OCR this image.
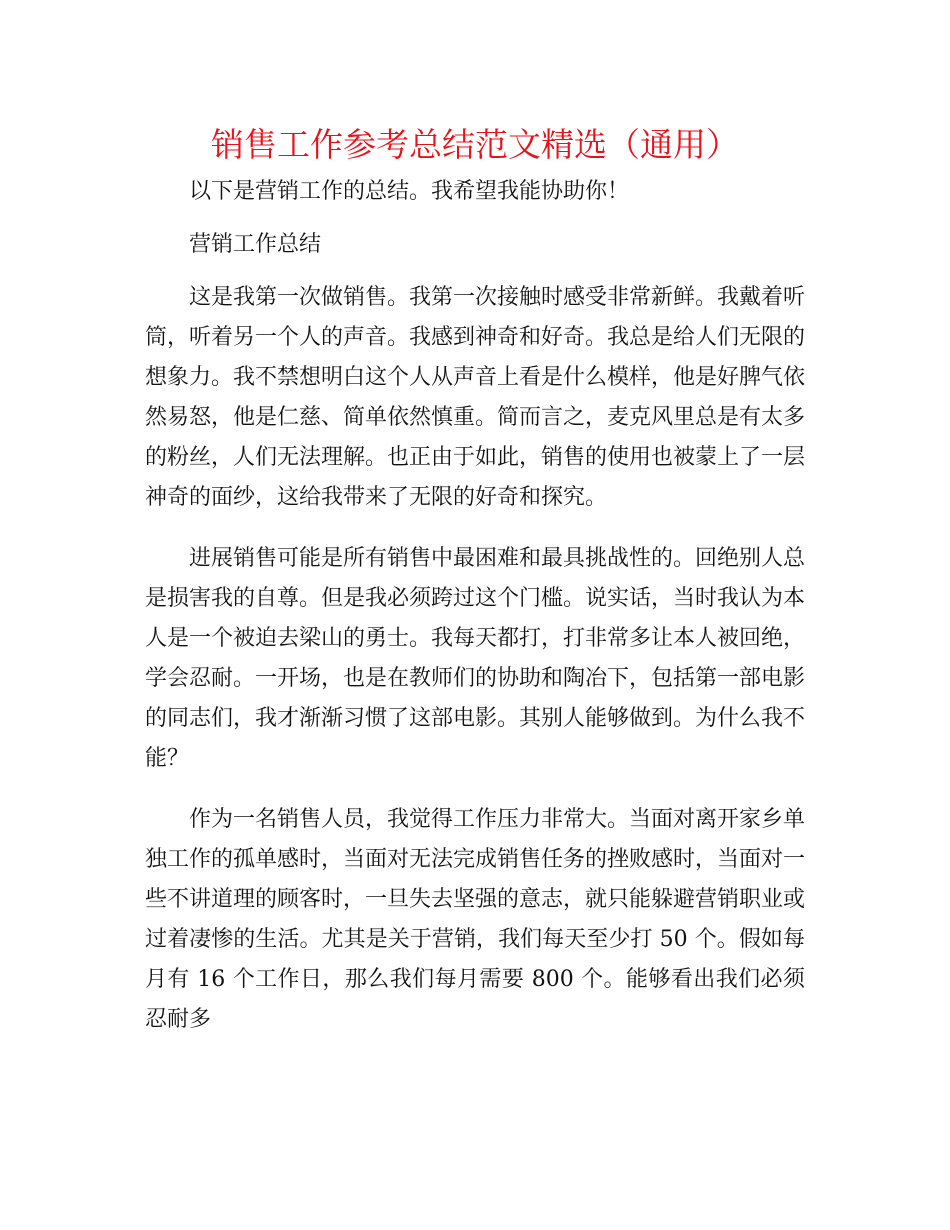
销售工作参考总结范文精选（通用）

以下是营销工作的总结。我希望我能协助你！

营销工作总结

这是我第一次做销售。我第一次接触时感受非常新鲜。我戴着听筒，听着另一个人的声音。我感到神奇和好奇。我总是给人们无限的想象力。我不禁想明白这个人从声音上看是什么模样，他是好脾气依然易怒，他是仁慈、简单依然慎重。简而言之，麦克风里总是有太多的粉丝，人们无法理解。也正由于如此，销售的使用也被蒙上了一层神奇的面纱，这给我带来了无限的好奇和探究。

进展销售可能是所有销售中最困难和最具挑战性的。回绝别人总是损害我的自尊。但是我必须跨过这个门槛。说实话，当时我认为本人是一个被迫去梁山的勇士。我每天都打，打非常多让本人被回绝，学会忍耐。一开场，也是在教师们的协助和陶冶下，包括第一部电影的同志们，我才渐渐习惯了这部电影。其别人能够做到。为什么我不能？

作为一名销售人员，我觉得工作压力非常大。当面对离开家乡单独工作的孤单感时，当面对无法完成销售任务的挫败感时，当面对一些不讲道理的顾客时，一旦失去坚强的意志，就只能躲避营销职业或过着凄惨的生活。尤其是关于营销，我们每天至少打 50 个。假如每月有 16 个工作日，那么我们每月需要 800 个。能够看出我们必须忍耐多
